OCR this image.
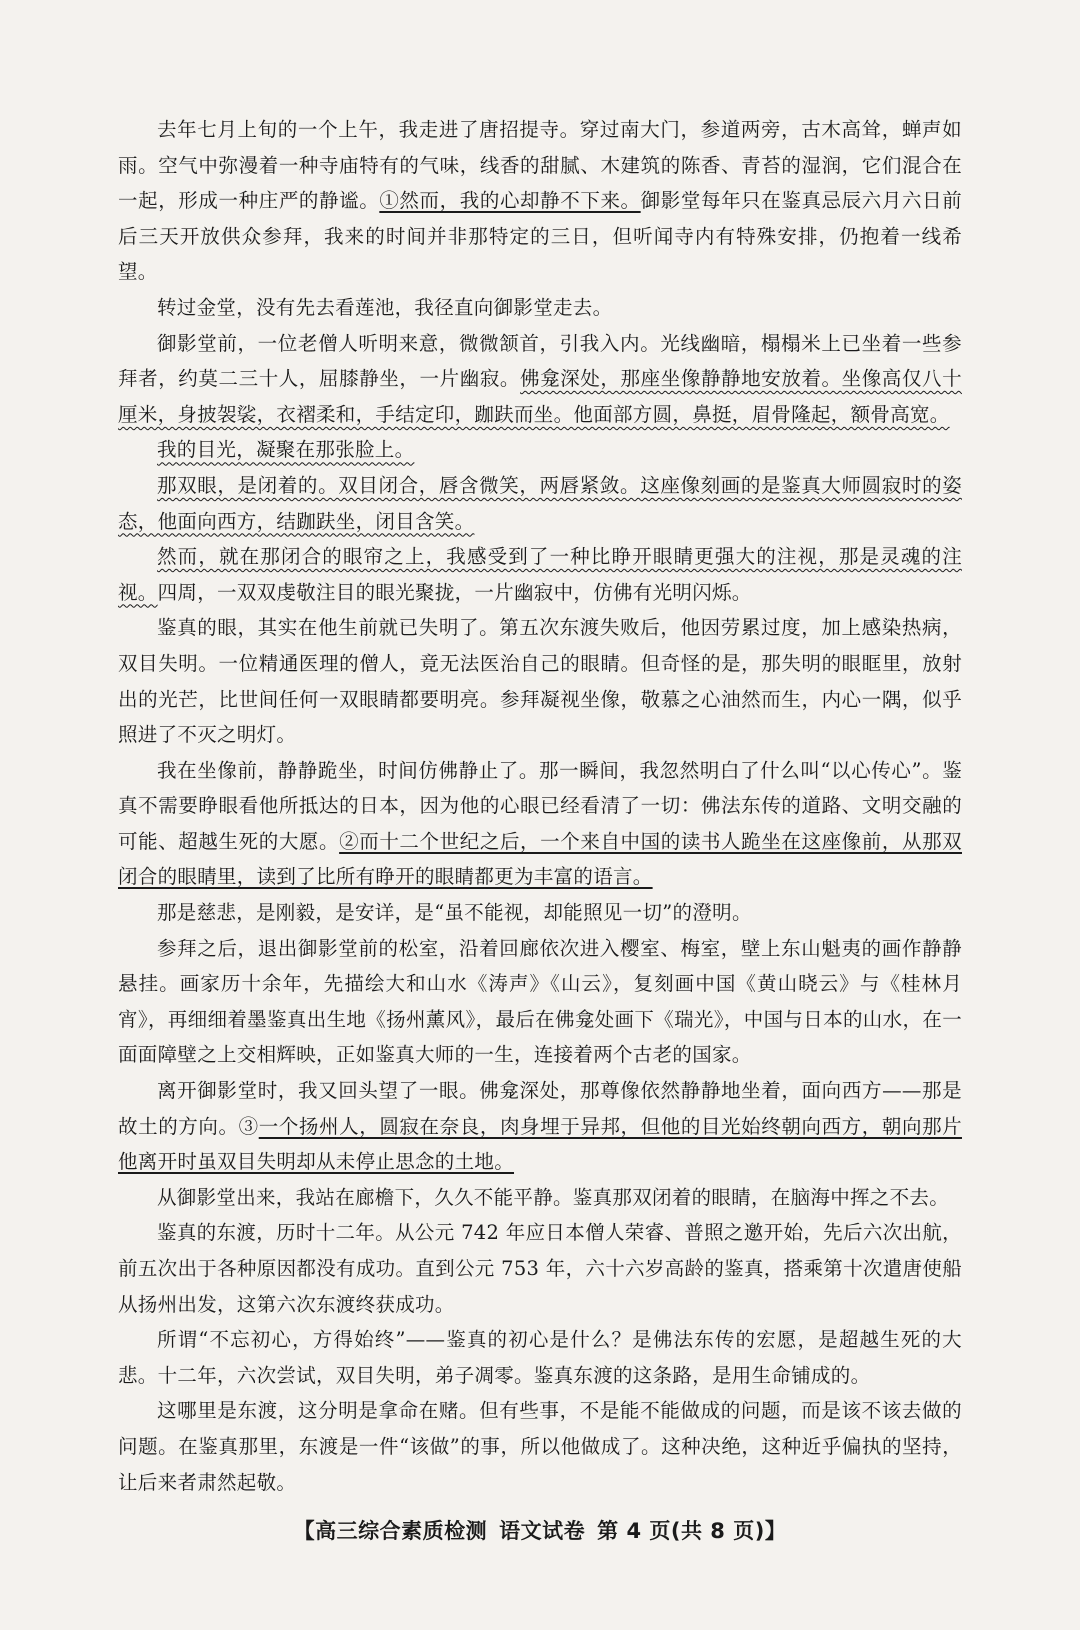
去年七月上旬的一个上午，我走进了唐招提寺。穿过南大门，参道两旁，古木高耸，蝉声如雨。空气中弥漫着一种寺庙特有的气味，线香的甜腻、木建筑的陈香、青苔的湿润，它们混合在一起，形成一种庄严的静谧。①然而，我的心却静不下来。御影堂每年只在鉴真忌辰六月六日前后三天开放供众参拜，我来的时间并非那特定的三日，但听闻寺内有特殊安排，仍抱着一线希望。

转过金堂，没有先去看莲池，我径直向御影堂走去。

御影堂前，一位老僧人听明来意，微微颔首，引我入内。光线幽暗，榻榻米上已坐着一些参拜者，约莫二三十人，屈膝静坐，一片幽寂。佛龛深处，那座坐像静静地安放着。坐像高仅八十厘米，身披袈裟，衣褶柔和，手结定印，跏趺而坐。他面部方圆，鼻挺，眉骨隆起，额骨高宽。

我的目光，凝聚在那张脸上。

那双眼，是闭着的。双目闭合，唇含微笑，两唇紧敛。这座像刻画的是鉴真大师圆寂时的姿态，他面向西方，结跏趺坐，闭目含笑。

然而，就在那闭合的眼帘之上，我感受到了一种比睁开眼睛更强大的注视，那是灵魂的注视。四周，一双双虔敬注目的眼光聚拢，一片幽寂中，仿佛有光明闪烁。

鉴真的眼，其实在他生前就已失明了。第五次东渡失败后，他因劳累过度，加上感染热病，双目失明。一位精通医理的僧人，竟无法医治自己的眼睛。但奇怪的是，那失明的眼眶里，放射出的光芒，比世间任何一双眼睛都要明亮。参拜凝视坐像，敬慕之心油然而生，内心一隅，似乎照进了不灭之明灯。

我在坐像前，静静跪坐，时间仿佛静止了。那一瞬间，我忽然明白了什么叫“以心传心”。鉴真不需要睁眼看他所抵达的日本，因为他的心眼已经看清了一切：佛法东传的道路、文明交融的可能、超越生死的大愿。②而十二个世纪之后，一个来自中国的读书人跪坐在这座像前，从那双闭合的眼睛里，读到了比所有睁开的眼睛都更为丰富的语言。

那是慈悲，是刚毅，是安详，是“虽不能视，却能照见一切”的澄明。

参拜之后，退出御影堂前的松室，沿着回廊依次进入樱室、梅室，壁上东山魁夷的画作静静悬挂。画家历十余年，先描绘大和山水《涛声》《山云》，复刻画中国《黄山晓云》与《桂林月宵》，再细细着墨鉴真出生地《扬州薰风》，最后在佛龛处画下《瑞光》，中国与日本的山水，在一面面障壁之上交相辉映，正如鉴真大师的一生，连接着两个古老的国家。

离开御影堂时，我又回头望了一眼。佛龛深处，那尊像依然静静地坐着，面向西方——那是故土的方向。③一个扬州人，圆寂在奈良，肉身埋于异邦，但他的目光始终朝向西方，朝向那片他离开时虽双目失明却从未停止思念的土地。

从御影堂出来，我站在廊檐下，久久不能平静。鉴真那双闭着的眼睛，在脑海中挥之不去。

鉴真的东渡，历时十二年。从公元 742 年应日本僧人荣睿、普照之邀开始，先后六次出航，前五次出于各种原因都没有成功。直到公元 753 年，六十六岁高龄的鉴真，搭乘第十次遣唐使船从扬州出发，这第六次东渡终获成功。

所谓“不忘初心，方得始终”——鉴真的初心是什么？是佛法东传的宏愿，是超越生死的大悲。十二年，六次尝试，双目失明，弟子凋零。鉴真东渡的这条路，是用生命铺成的。

这哪里是东渡，这分明是拿命在赌。但有些事，不是能不能做成的问题，而是该不该去做的问题。在鉴真那里，东渡是一件“该做”的事，所以他做成了。这种决绝，这种近乎偏执的坚持，让后来者肃然起敬。

【高三综合素质检测 语文试卷 第 4 页(共 8 页)】
